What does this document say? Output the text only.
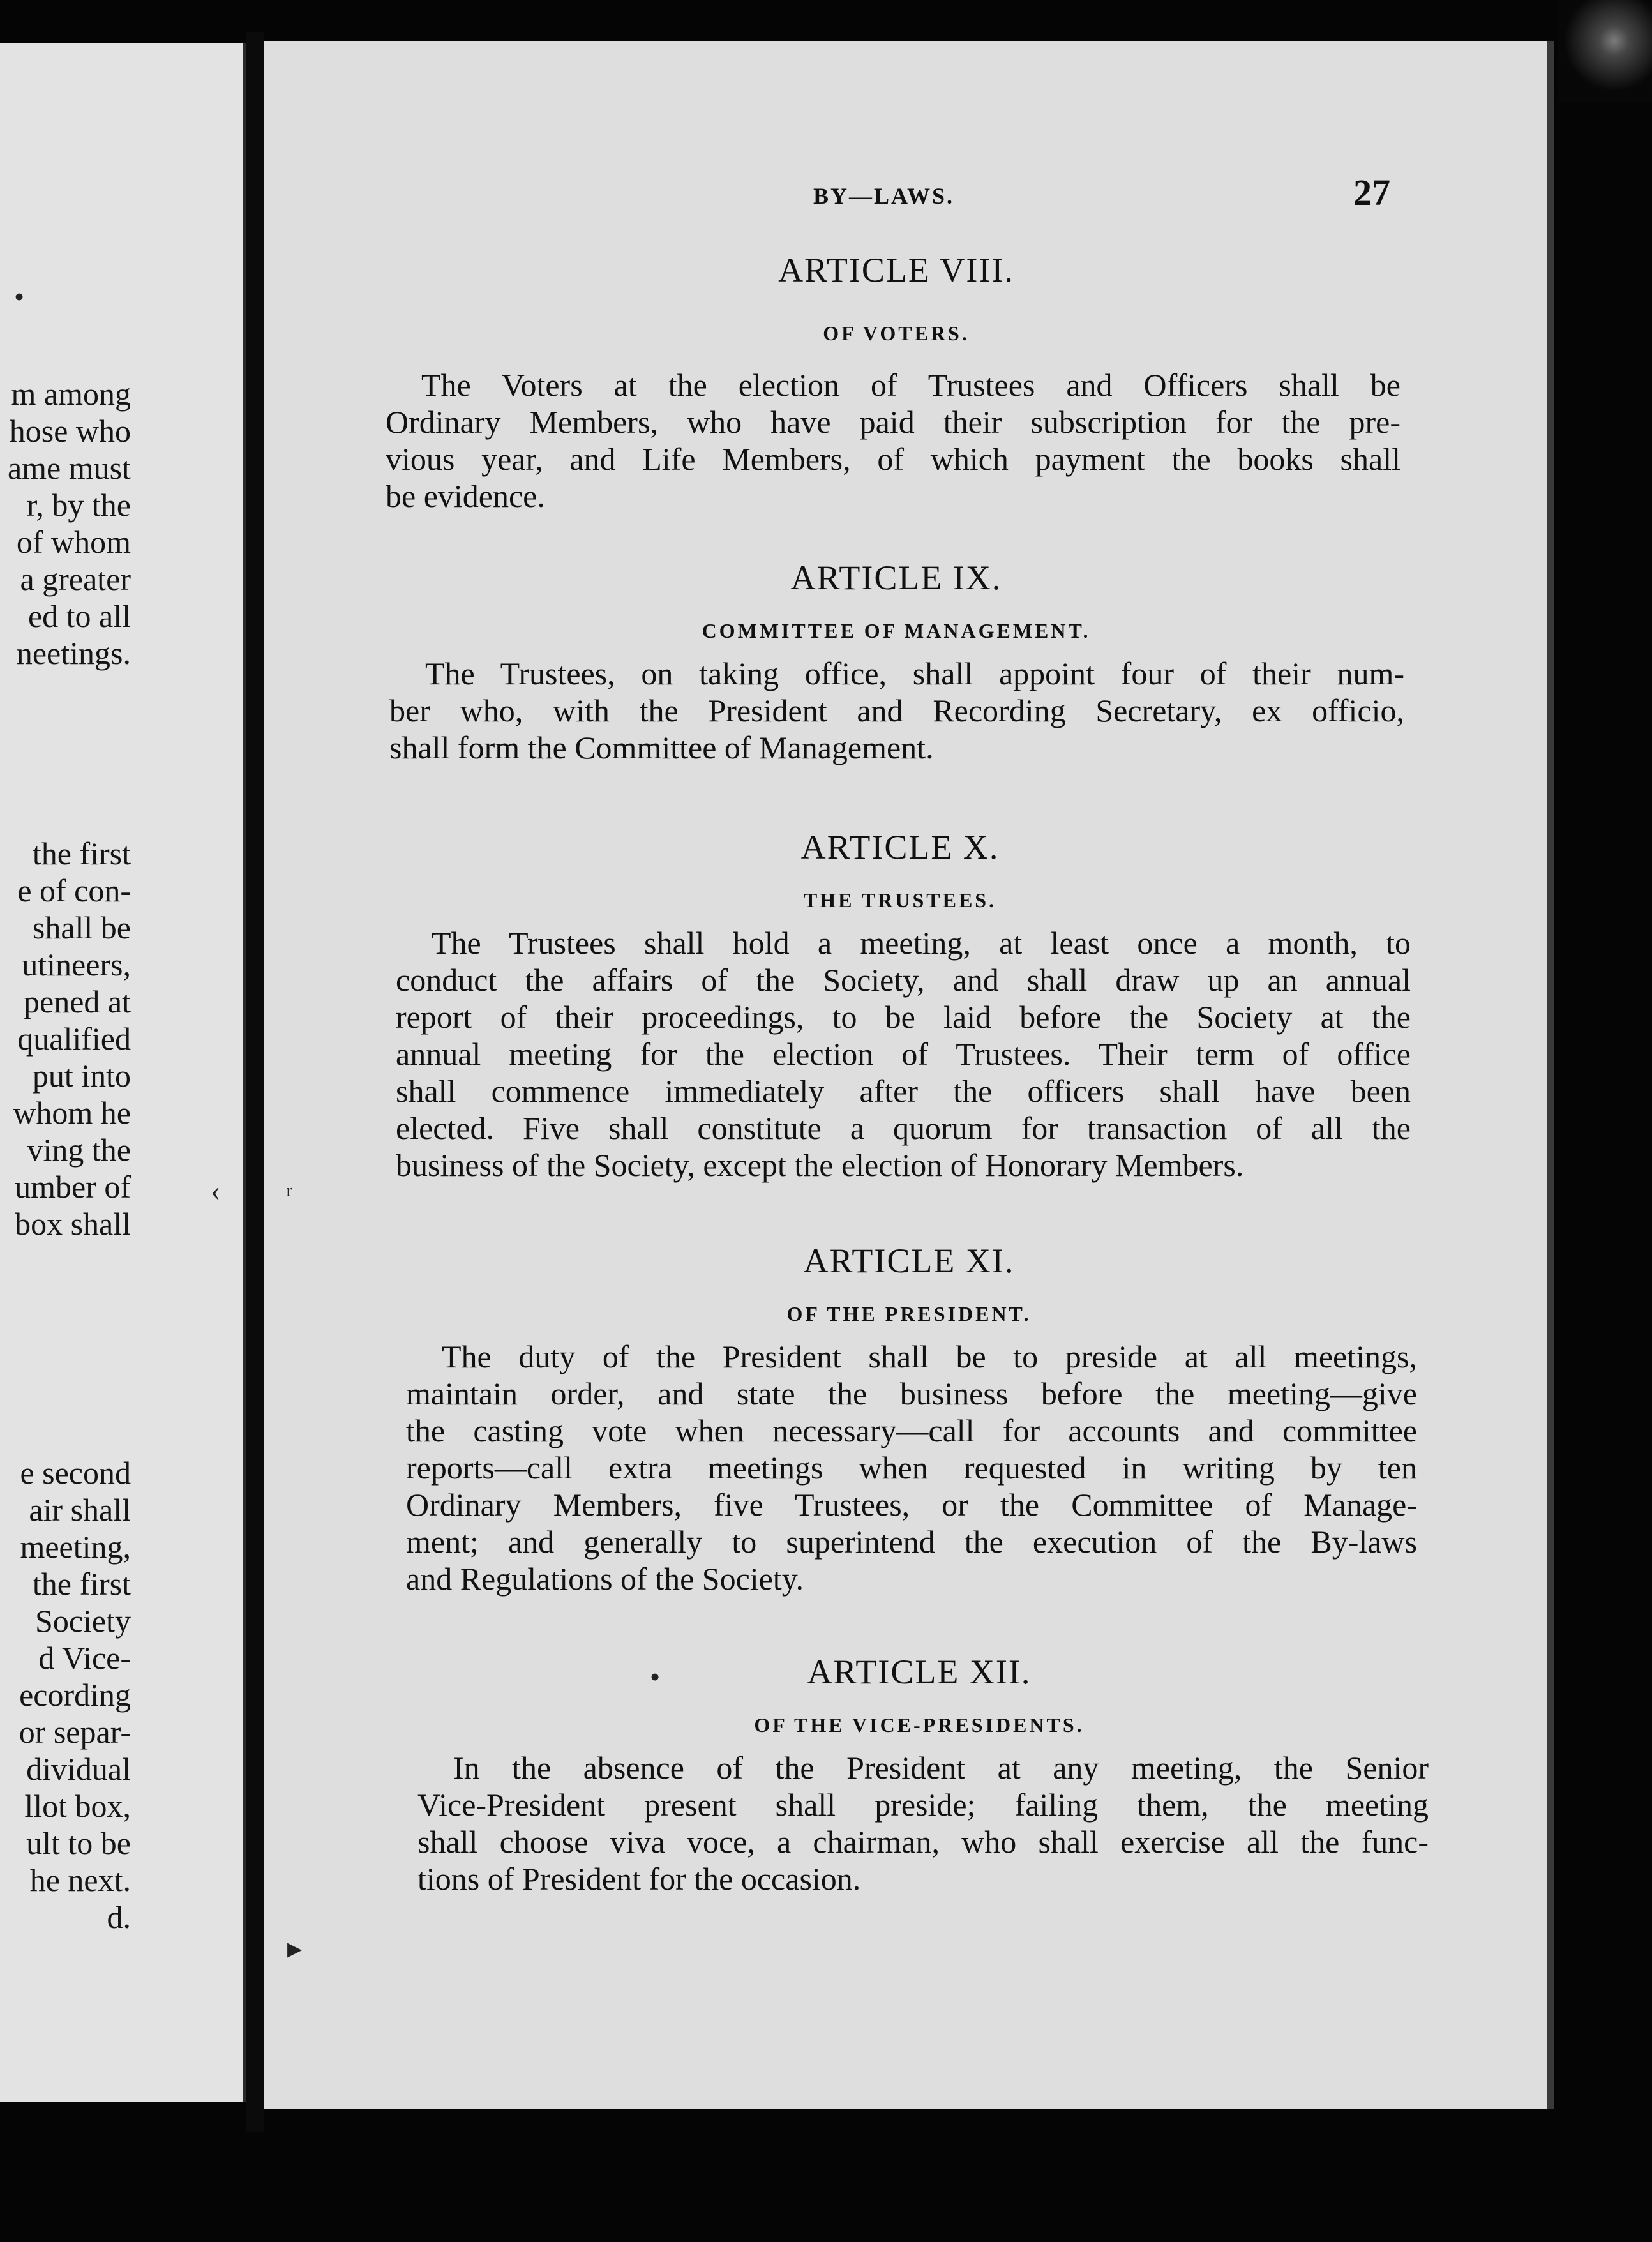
m among
hose who
ame must
r, by the
of whom
a greater
ed to all
neetings.
the first
e of con-
shall be
utineers,
pened at
qualified
put into
whom he
ving the
umber of
box shall
e second
air shall
meeting,
the first
Society
d Vice-
ecording
or separ-
dividual
llot box,
ult to be
he next.
d.
•
‹
BY—LAWS.	27
ARTICLE VIII.
OF VOTERS.
The Voters at the election of Trustees and Officers shall be
Ordinary Members, who have paid their subscription for the pre-
vious year, and Life Members, of which payment the books shall
be evidence.
ARTICLE IX.
COMMITTEE OF MANAGEMENT.
The Trustees, on taking office, shall appoint four of their num-
ber who, with the President and Recording Secretary, ex officio,
shall form the Committee of Management.
ARTICLE X.
THE TRUSTEES.
The Trustees shall hold a meeting, at least once a month, to
conduct the affairs of the Society, and shall draw up an annual
report of their proceedings, to be laid before the Society at the
annual meeting for the election of Trustees. Their term of office
shall commence immediately after the officers shall have been
elected. Five shall constitute a quorum for transaction of all the
business of the Society, except the election of Honorary Members.
ARTICLE XI.
OF THE PRESIDENT.
The duty of the President shall be to preside at all meetings,
maintain order, and state the business before the meeting—give
the casting vote when necessary—call for accounts and committee
reports—call extra meetings when requested in writing by ten
Ordinary Members, five Trustees, or the Committee of Manage-
ment; and generally to superintend the execution of the By-laws
and Regulations of the Society.
ARTICLE XII.
OF THE VICE-PRESIDENTS.
In the absence of the President at any meeting, the Senior
Vice-President present shall preside; failing them, the meeting
shall choose viva voce, a chairman, who shall exercise all the func-
tions of President for the occasion.
ʳ
•
▸
